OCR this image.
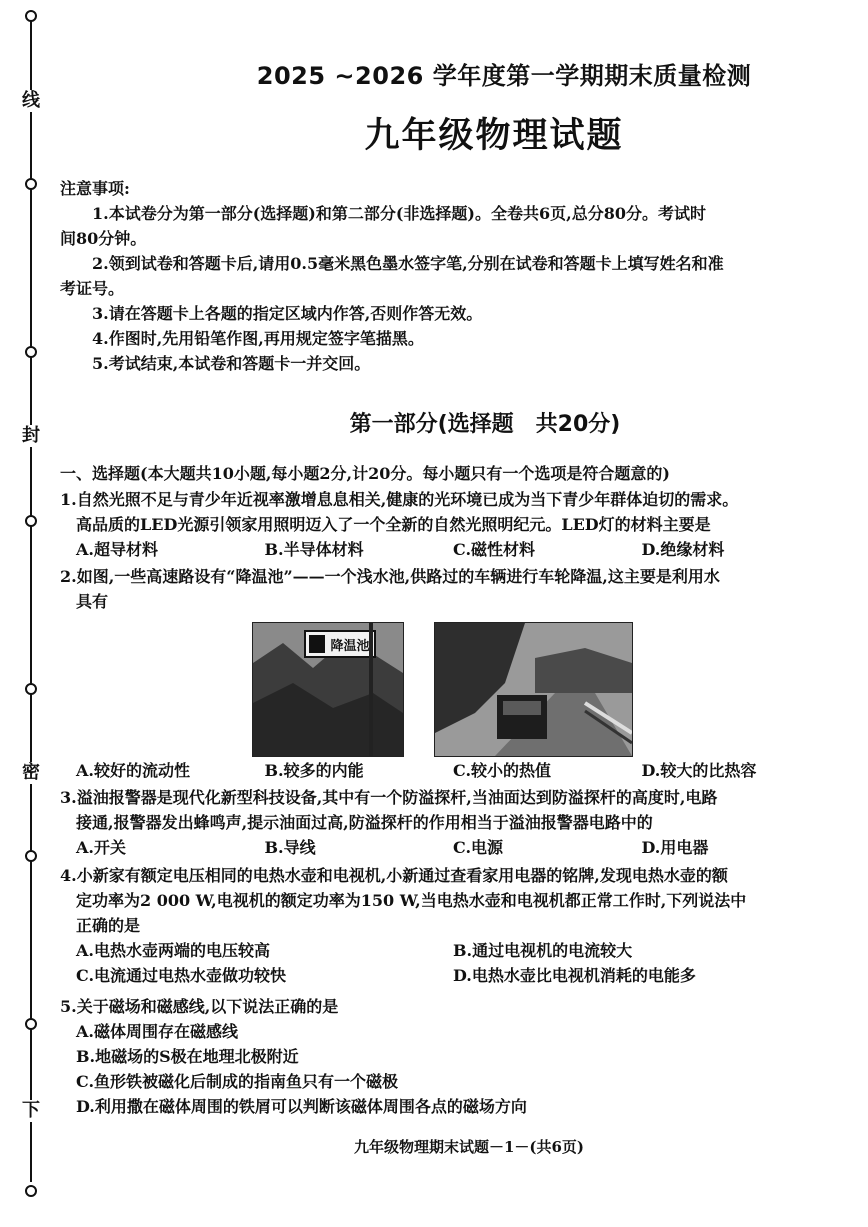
线
封
密
下
2025 ~2026 学年度第一学期期末质量检测
九年级物理试题
注意事项:

1.本试卷分为第一部分(选择题)和第二部分(非选择题)。全卷共6页,总分80分。考试时

间80分钟。

2.领到试卷和答题卡后,请用0.5毫米黑色墨水签字笔,分别在试卷和答题卡上填写姓名和准

考证号。

3.请在答题卡上各题的指定区域内作答,否则作答无效。

4.作图时,先用铅笔作图,再用规定签字笔描黑。

5.考试结束,本试卷和答题卡一并交回。

第一部分(选择题　共20分)

一、选择题(本大题共10小题,每小题2分,计20分。每小题只有一个选项是符合题意的)

1.自然光照不足与青少年近视率激增息息相关,健康的光环境已成为当下青少年群体迫切的需求。

高品质的LED光源引领家用照明迈入了一个全新的自然光照明纪元。LED灯的材料主要是

A.超导材料	B.半导体材料	C.磁性材料	D.绝缘材料

2.如图,一些高速路设有“降温池”——一个浅水池,供路过的车辆进行车轮降温,这主要是利用水

具有

降温池
A.较好的流动性	B.较多的内能	C.较小的热值	D.较大的比热容

3.溢油报警器是现代化新型科技设备,其中有一个防溢探杆,当油面达到防溢探杆的高度时,电路

接通,报警器发出蜂鸣声,提示油面过高,防溢探杆的作用相当于溢油报警器电路中的

A.开关	B.导线	C.电源	D.用电器

4.小新家有额定电压相同的电热水壶和电视机,小新通过查看家用电器的铭牌,发现电热水壶的额

定功率为2 000 W,电视机的额定功率为150 W,当电热水壶和电视机都正常工作时,下列说法中

正确的是

A.电热水壶两端的电压较高	B.通过电视机的电流较大
C.电流通过电热水壶做功较快	D.电热水壶比电视机消耗的电能多

5.关于磁场和磁感线,以下说法正确的是

A.磁体周围存在磁感线

B.地磁场的S极在地理北极附近

C.鱼形铁被磁化后制成的指南鱼只有一个磁极

D.利用撒在磁体周围的铁屑可以判断该磁体周围各点的磁场方向

九年级物理期末试题－1－(共6页)
